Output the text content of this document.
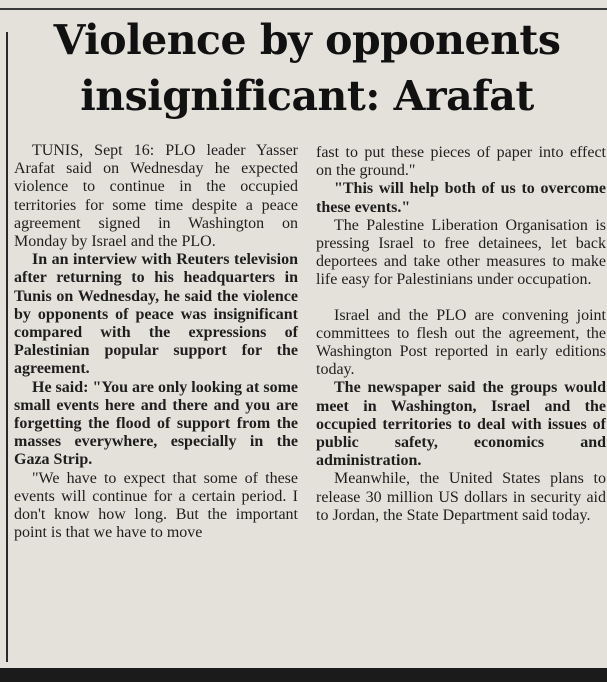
Violence by opponents
insignificant: Arafat

TUNIS, Sept 16: PLO leader Yasser Arafat said on Wednesday he expected violence to continue in the occupied territories for some time despite a peace agreement signed in Washington on Monday by Israel and the PLO.

In an interview with Reuters television after returning to his headquarters in Tunis on Wednesday, he said the violence by opponents of peace was insignificant compared with the expressions of Palestinian popular support for the agreement.

He said: "You are only looking at some small events here and there and you are forgetting the flood of support from the masses everywhere, especially in the Gaza Strip.

"We have to expect that some of these events will continue for a certain period. I don't know how long. But the important point is that we have to move

fast to put these pieces of paper into effect on the ground."

"This will help both of us to overcome these events."

The Palestine Liberation Organisation is pressing Israel to free detainees, let back deportees and take other measures to make life easy for Palestinians under occupation.

Israel and the PLO are convening joint committees to flesh out the agreement, the Washington Post reported in early editions today.

The newspaper said the groups would meet in Washington, Israel and the occupied territories to deal with issues of public safety, economics and administration.

Meanwhile, the United States plans to release 30 million US dollars in security aid to Jordan, the State Department said today.
